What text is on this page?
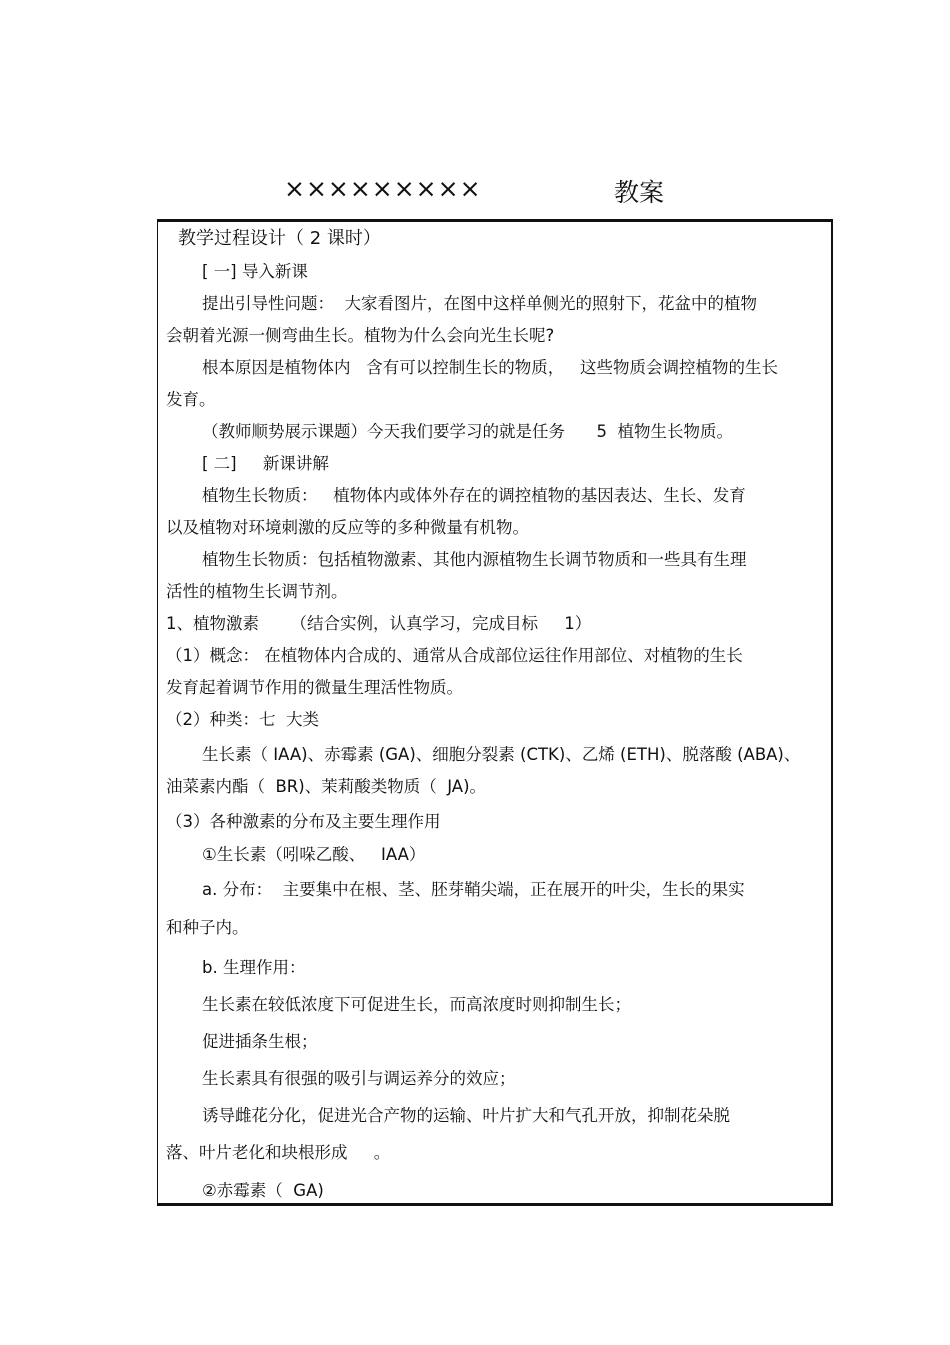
×××××××××	教案
教学过程设计（ 2 课时）
[ 一] 导入新课
提出引导性问题：  大家看图片，在图中这样单侧光的照射下，花盆中的植物
会朝着光源一侧弯曲生长。植物为什么会向光生长呢?
根本原因是植物体内   含有可以控制生长的物质，   这些物质会调控植物的生长
发育。
（教师顺势展示课题）今天我们要学习的就是任务      5  植物生长物质。
[ 二]     新课讲解
植物生长物质：   植物体内或体外存在的调控植物的基因表达、生长、发育
以及植物对环境刺激的反应等的多种微量有机物。
植物生长物质：包括植物激素、其他内源植物生长调节物质和一些具有生理
活性的植物生长调节剂。
1、植物激素      （结合实例，认真学习，完成目标     1）
（1）概念： 在植物体内合成的、通常从合成部位运往作用部位、对植物的生长
发育起着调节作用的微量生理活性物质。
（2）种类：七  大类
生长素（ IAA)、赤霉素 (GA)、细胞分裂素 (CTK)、乙烯 (ETH)、脱落酸 (ABA)、
油菜素内酯（  BR)、茉莉酸类物质（  JA)。
（3）各种激素的分布及主要生理作用
①生长素（吲哚乙酸、   IAA）
a. 分布：  主要集中在根、茎、胚芽鞘尖端，正在展开的叶尖，生长的果实
和种子内。
b. 生理作用：
生长素在较低浓度下可促进生长，而高浓度时则抑制生长；
促进插条生根；
生长素具有很强的吸引与调运养分的效应；
诱导雌花分化，促进光合产物的运输、叶片扩大和气孔开放，抑制花朵脱
落、叶片老化和块根形成     。
②赤霉素（  GA)
